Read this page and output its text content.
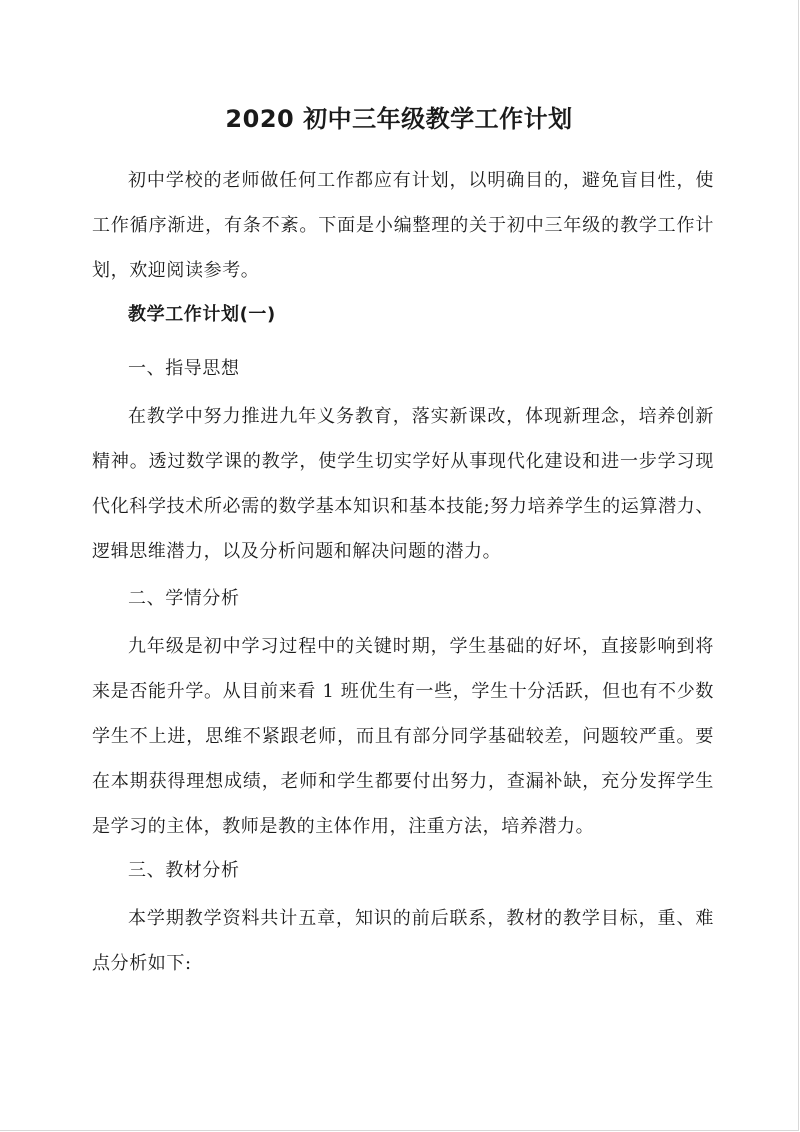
2020 初中三年级教学工作计划

初中学校的老师做任何工作都应有计划，以明确目的，避免盲目性，使工作循序渐进，有条不紊。下面是小编整理的关于初中三年级的教学工作计划，欢迎阅读参考。

教学工作计划(一)

一、指导思想

在教学中努力推进九年义务教育，落实新课改，体现新理念，培养创新精神。透过数学课的教学，使学生切实学好从事现代化建设和进一步学习现代化科学技术所必需的数学基本知识和基本技能;努力培养学生的运算潜力、逻辑思维潜力，以及分析问题和解决问题的潜力。

二、学情分析

九年级是初中学习过程中的关键时期，学生基础的好坏，直接影响到将来是否能升学。从目前来看 1 班优生有一些，学生十分活跃，但也有不少数学生不上进，思维不紧跟老师，而且有部分同学基础较差，问题较严重。要在本期获得理想成绩，老师和学生都要付出努力，查漏补缺，充分发挥学生是学习的主体，教师是教的主体作用，注重方法，培养潜力。

三、教材分析

本学期教学资料共计五章，知识的前后联系，教材的教学目标，重、难点分析如下:
